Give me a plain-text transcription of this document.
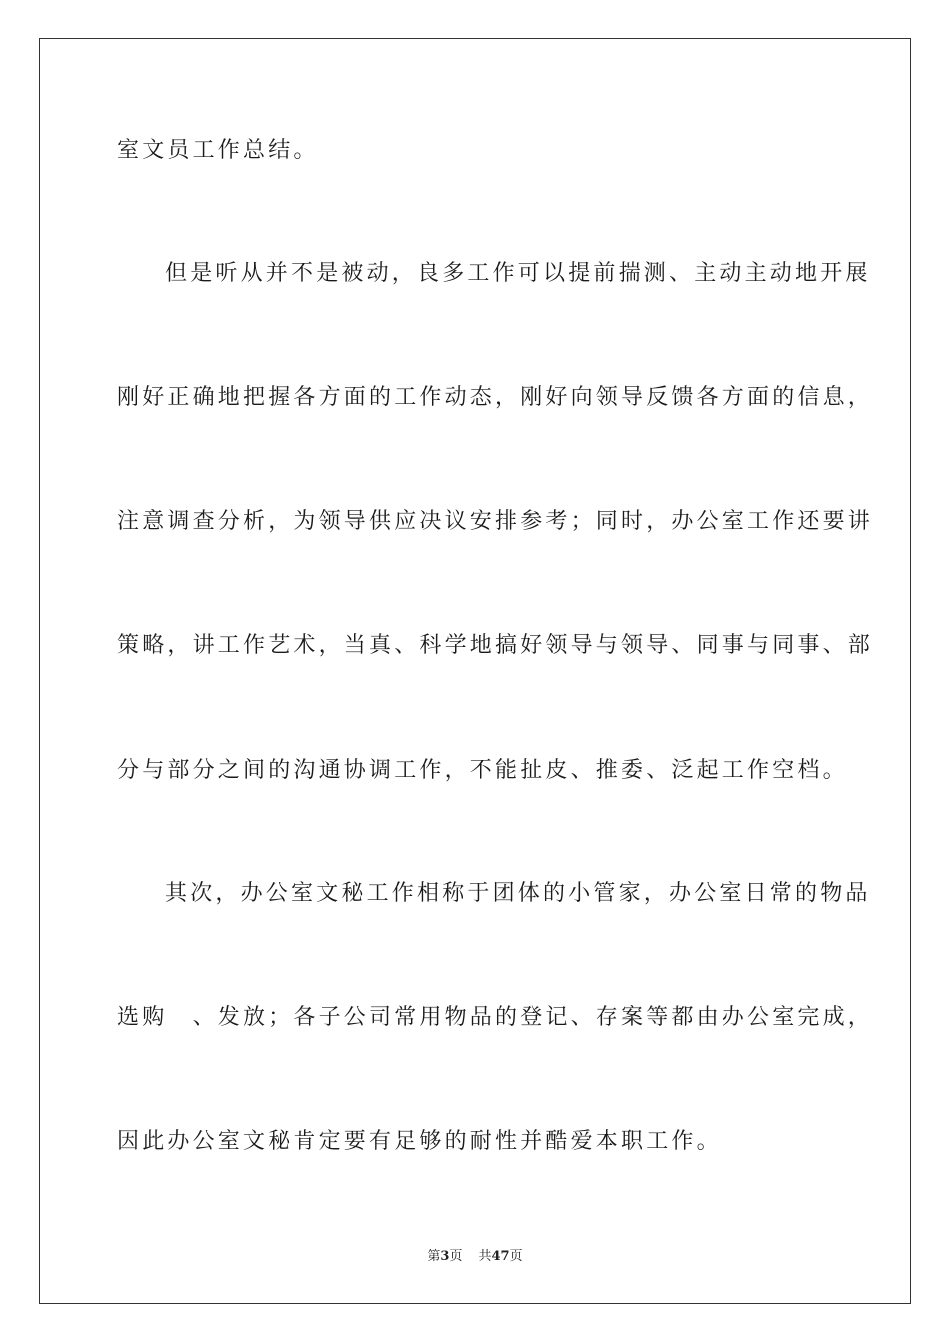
室文员工作总结。
但是听从并不是被动，良多工作可以提前揣测、主动主动地开展
刚好正确地把握各方面的工作动态，刚好向领导反馈各方面的信息，
注意调查分析，为领导供应决议安排参考；同时，办公室工作还要讲
策略，讲工作艺术，当真、科学地搞好领导与领导、同事与同事、部
分与部分之间的沟通协调工作，不能扯皮、推委、泛起工作空档。
其次，办公室文秘工作相称于团体的小管家，办公室日常的物品
选购　、发放；各子公司常用物品的登记、存案等都由办公室完成，
因此办公室文秘肯定要有足够的耐性并酷爱本职工作。
第3页 共47页
